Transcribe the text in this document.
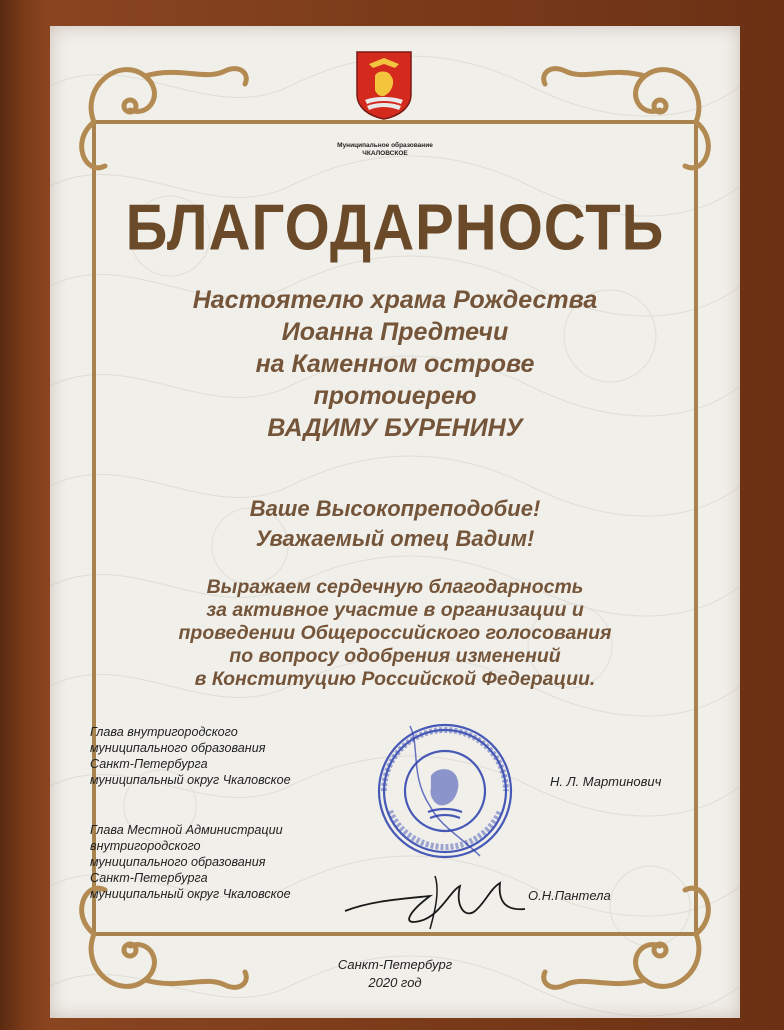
Муниципальное образование
ЧКАЛОВСКОЕ
БЛАГОДАРНОСТЬ
Настоятелю храма Рождества
Иоанна Предтечи
на Каменном острове
протоиерею
ВАДИМУ БУРЕНИНУ
Ваше Высокопреподобие!
Уважаемый отец Вадим!
Выражаем сердечную благодарность
за активное участие в организации и
проведении Общероссийского голосования
по вопросу одобрения изменений
в Конституцию Российской Федерации.
Глава внутригородского
муниципального образования
Санкт-Петербурга
муниципальный округ Чкаловское	Н. Л. Мартинович
Глава Местной Администрации
внутригородского
муниципального образования
Санкт-Петербурга
муниципальный округ Чкаловское	О.Н.Пантела
Санкт-Петербург
2020 год
